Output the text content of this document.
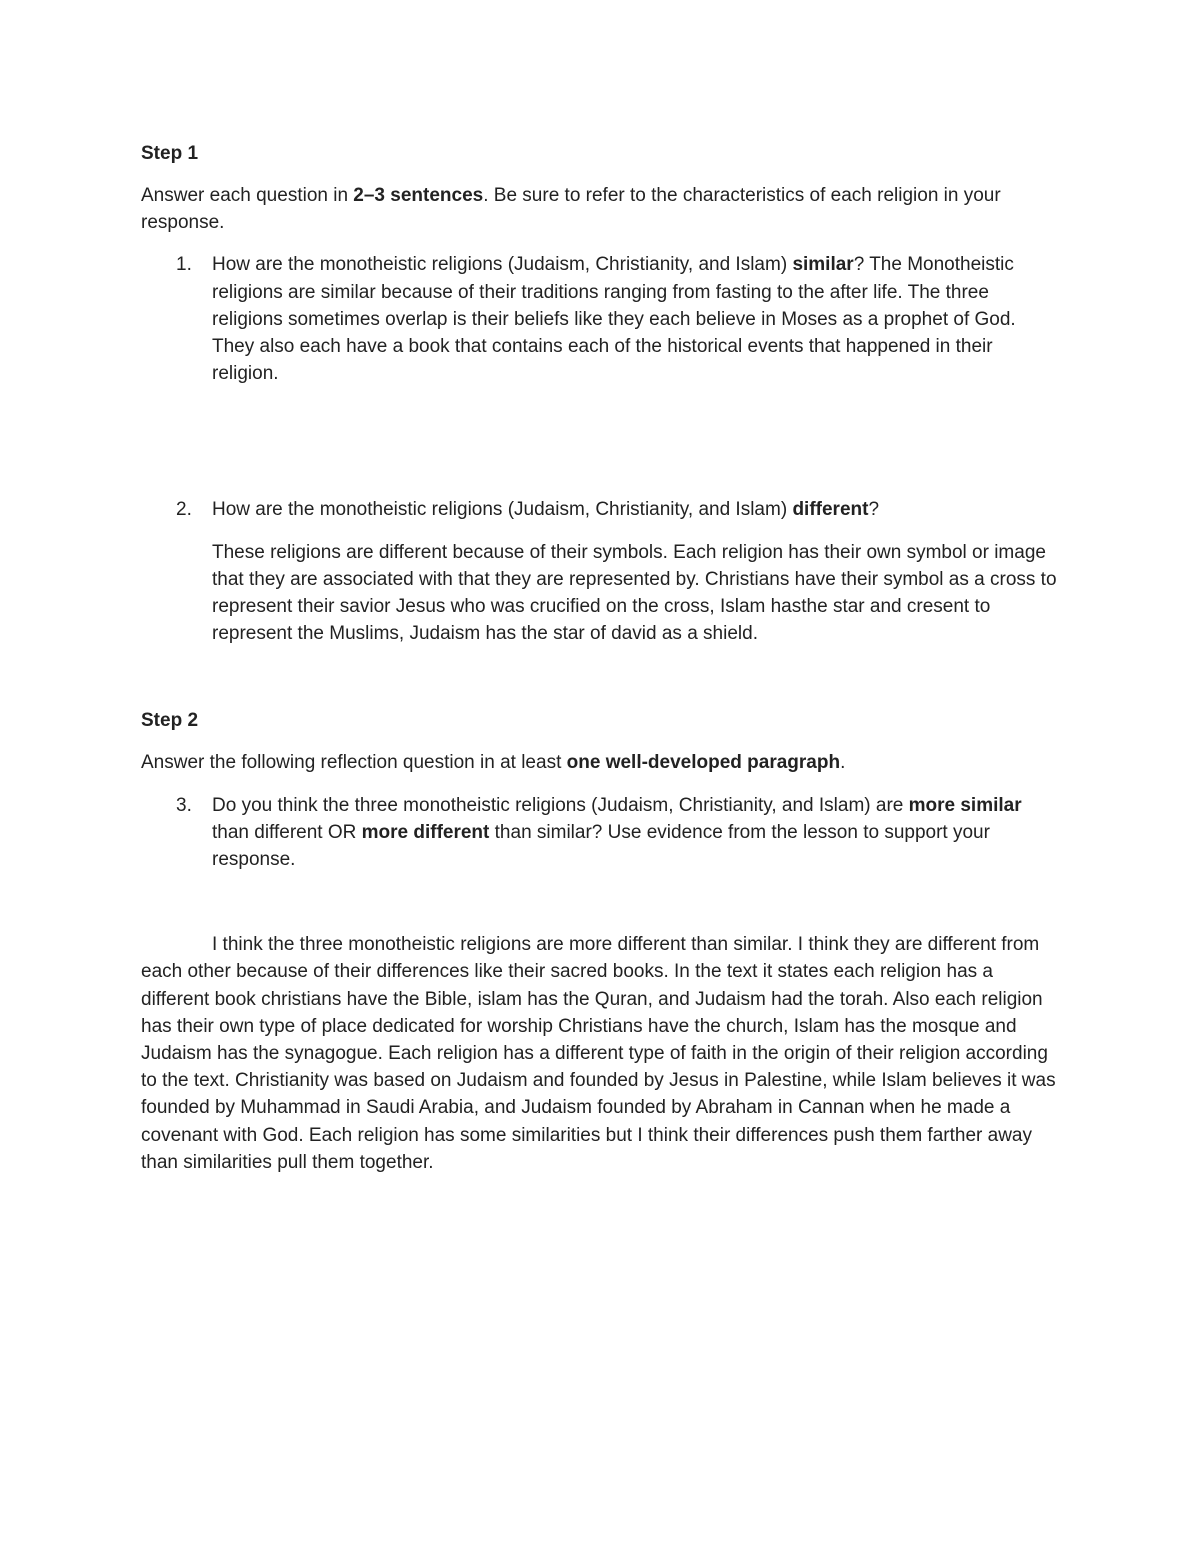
Step 1

Answer each question in 2–3 sentences. Be sure to refer to the characteristics of each religion in your response.

1. How are the monotheistic religions (Judaism, Christianity, and Islam) similar? The Monotheistic religions are similar because of their traditions ranging from fasting to the after life. The three religions sometimes overlap is their beliefs like they each believe in Moses as a prophet of God. They also each have a book that contains each of the historical events that happened in their religion.

2. How are the monotheistic religions (Judaism, Christianity, and Islam) different?

These religions are different because of their symbols. Each religion has their own symbol or image that they are associated with that they are represented by. Christians have their symbol as a cross to represent their savior Jesus who was crucified on the cross, Islam hasthe star and cresent to represent the Muslims, Judaism has the star of david as a shield.

Step 2

Answer the following reflection question in at least one well-developed paragraph.

3. Do you think the three monotheistic religions (Judaism, Christianity, and Islam) are more similar than different OR more different than similar? Use evidence from the lesson to support your response.

I think the three monotheistic religions are more different than similar. I think they are different from each other because of their differences like their sacred books. In the text it states each religion has a different book christians have the Bible, islam has the Quran, and Judaism had the torah. Also each religion has their own type of place dedicated for worship Christians have the church, Islam has the mosque and Judaism has the synagogue. Each religion has a different type of faith in the origin of their religion according to the text. Christianity was based on Judaism and founded by Jesus in Palestine, while Islam believes it was founded by Muhammad in Saudi Arabia, and Judaism founded by Abraham in Cannan when he made a covenant with God. Each religion has some similarities but I think their differences push them farther away than similarities pull them together.
